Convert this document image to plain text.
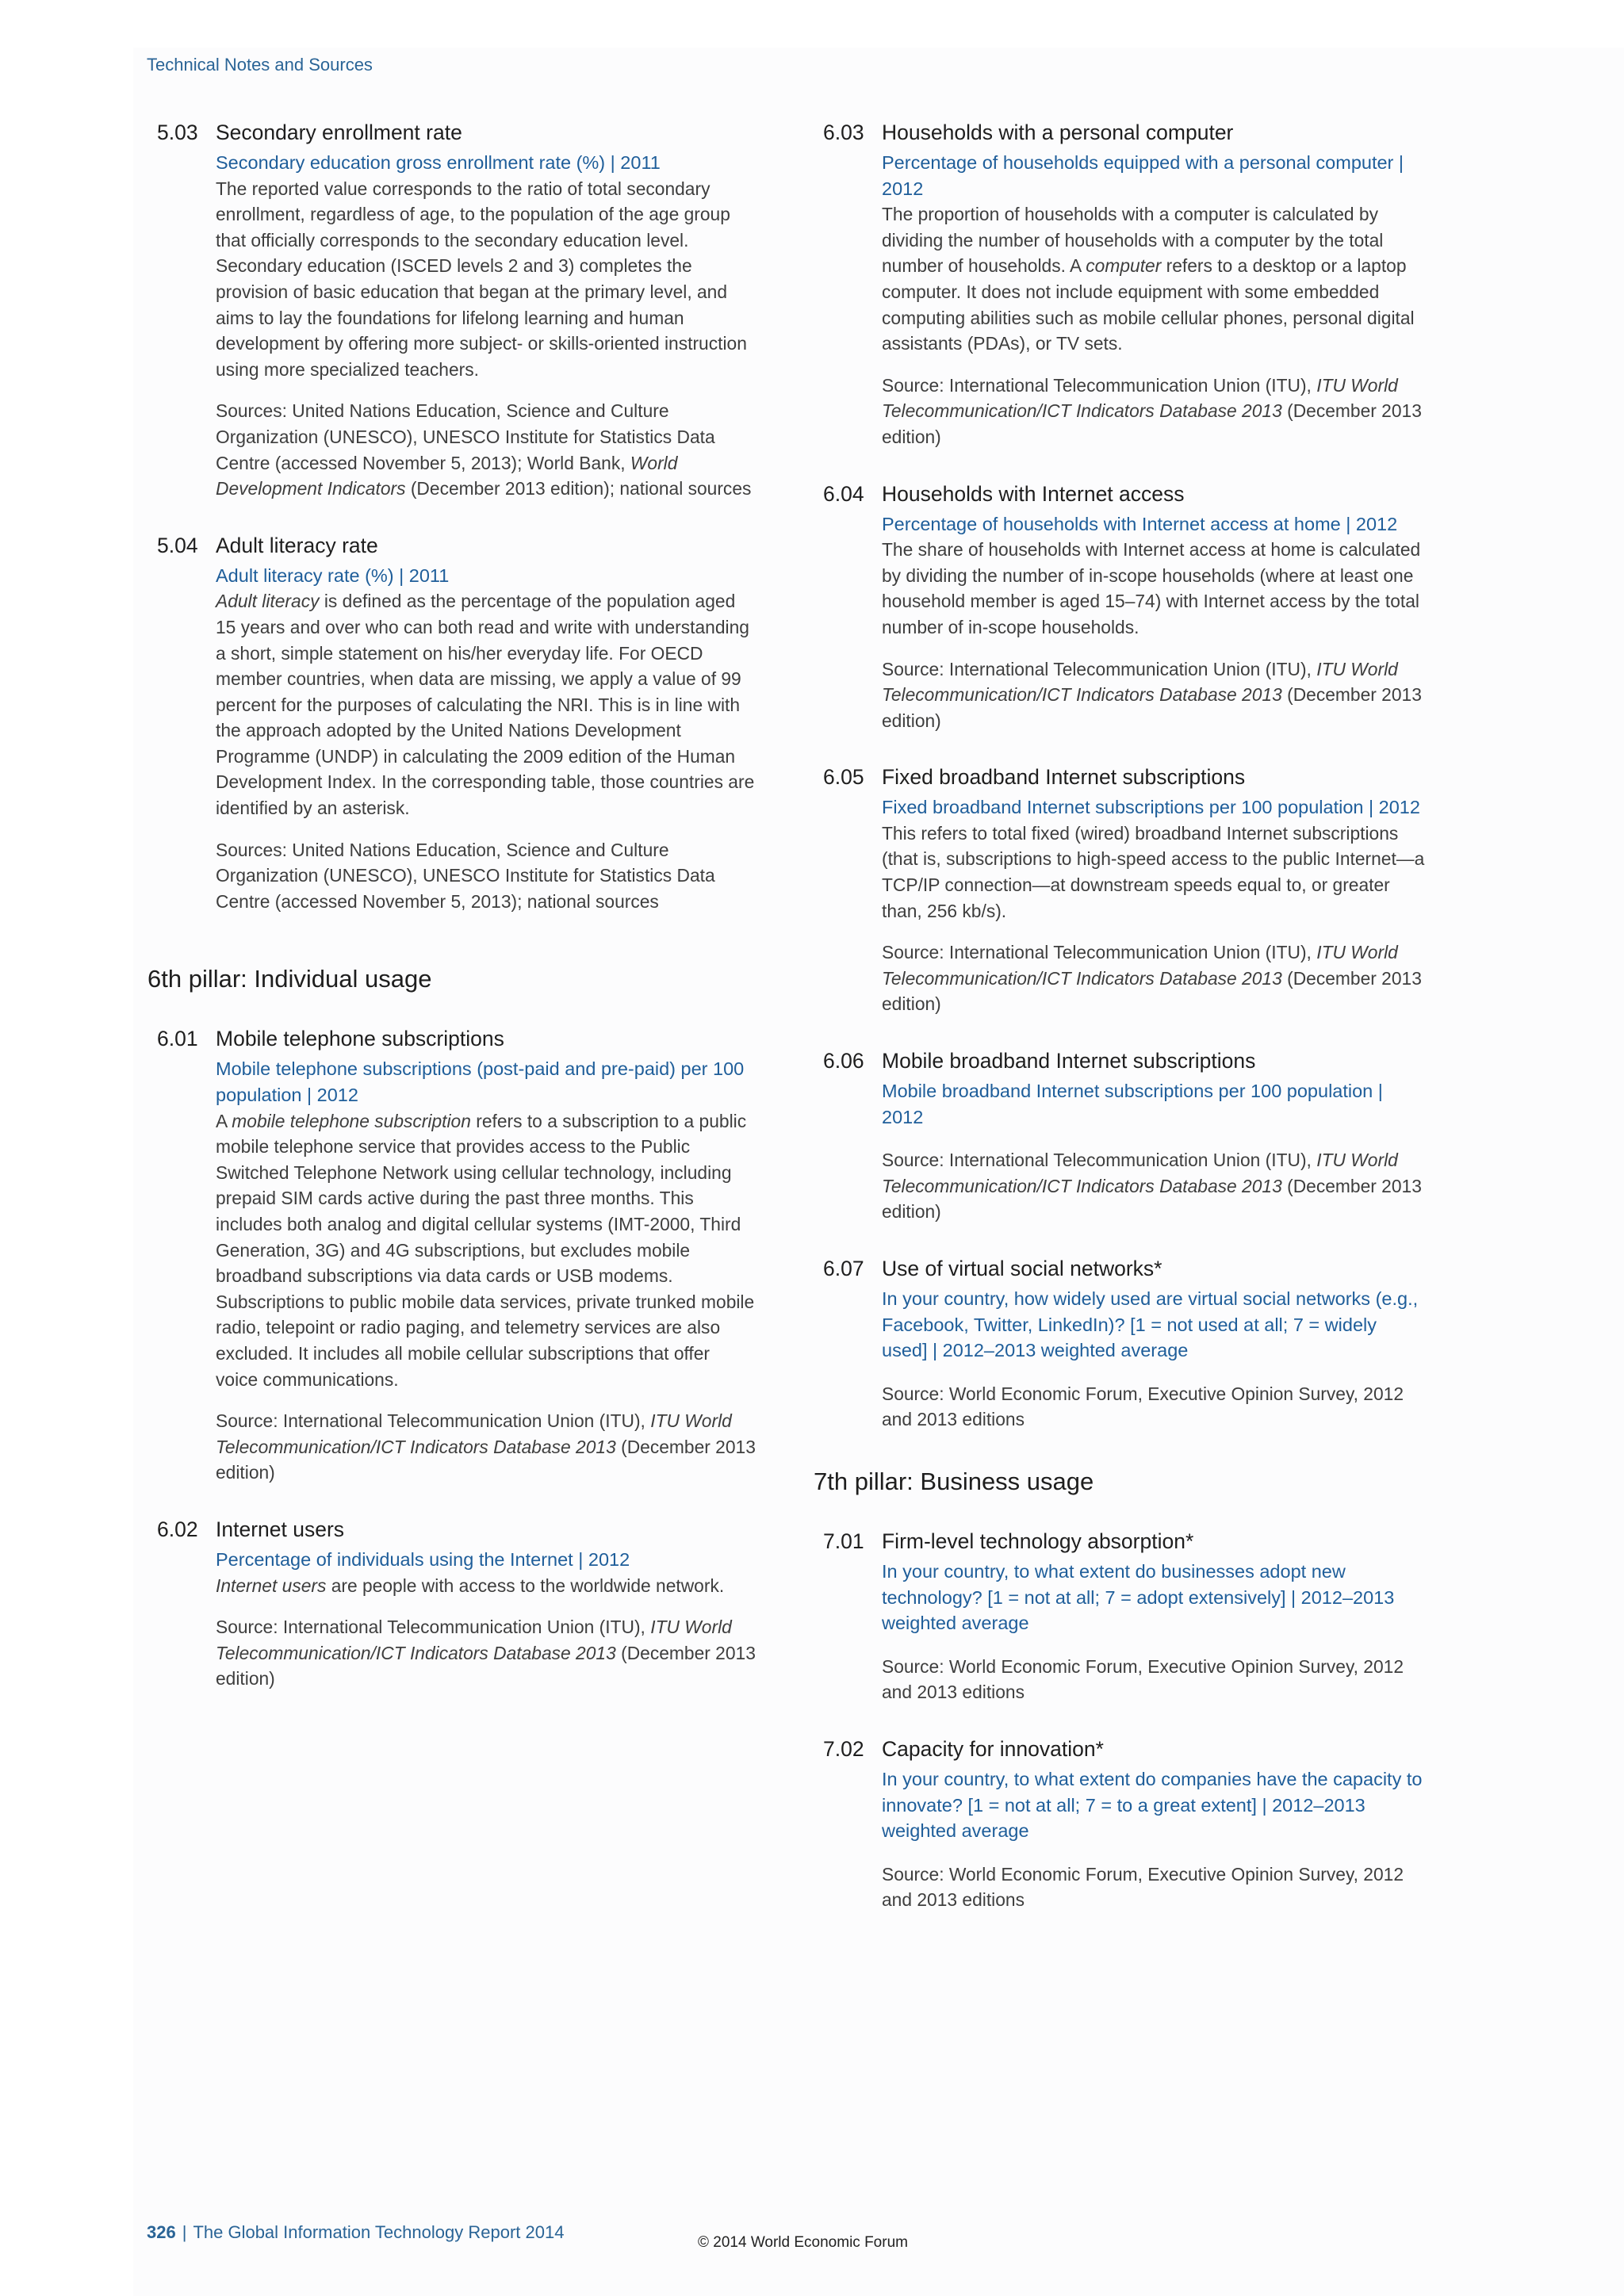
Technical Notes and Sources
5.03 Secondary enrollment rate
Secondary education gross enrollment rate (%) | 2011
The reported value corresponds to the ratio of total secondary enrollment, regardless of age, to the population of the age group that officially corresponds to the secondary education level. Secondary education (ISCED levels 2 and 3) completes the provision of basic education that began at the primary level, and aims to lay the foundations for lifelong learning and human development by offering more subject- or skills-oriented instruction using more specialized teachers.
Sources: United Nations Education, Science and Culture Organization (UNESCO), UNESCO Institute for Statistics Data Centre (accessed November 5, 2013); World Bank, World Development Indicators (December 2013 edition); national sources
5.04 Adult literacy rate
Adult literacy rate (%) | 2011
Adult literacy is defined as the percentage of the population aged 15 years and over who can both read and write with understanding a short, simple statement on his/her everyday life. For OECD member countries, when data are missing, we apply a value of 99 percent for the purposes of calculating the NRI. This is in line with the approach adopted by the United Nations Development Programme (UNDP) in calculating the 2009 edition of the Human Development Index. In the corresponding table, those countries are identified by an asterisk.
Sources: United Nations Education, Science and Culture Organization (UNESCO), UNESCO Institute for Statistics Data Centre (accessed November 5, 2013); national sources
6th pillar: Individual usage
6.01 Mobile telephone subscriptions
Mobile telephone subscriptions (post-paid and pre-paid) per 100 population | 2012
A mobile telephone subscription refers to a subscription to a public mobile telephone service that provides access to the Public Switched Telephone Network using cellular technology, including prepaid SIM cards active during the past three months. This includes both analog and digital cellular systems (IMT-2000, Third Generation, 3G) and 4G subscriptions, but excludes mobile broadband subscriptions via data cards or USB modems. Subscriptions to public mobile data services, private trunked mobile radio, telepoint or radio paging, and telemetry services are also excluded. It includes all mobile cellular subscriptions that offer voice communications.
Source: International Telecommunication Union (ITU), ITU World Telecommunication/ICT Indicators Database 2013 (December 2013 edition)
6.02 Internet users
Percentage of individuals using the Internet | 2012
Internet users are people with access to the worldwide network.
Source: International Telecommunication Union (ITU), ITU World Telecommunication/ICT Indicators Database 2013 (December 2013 edition)
6.03 Households with a personal computer
Percentage of households equipped with a personal computer | 2012
The proportion of households with a computer is calculated by dividing the number of households with a computer by the total number of households. A computer refers to a desktop or a laptop computer. It does not include equipment with some embedded computing abilities such as mobile cellular phones, personal digital assistants (PDAs), or TV sets.
Source: International Telecommunication Union (ITU), ITU World Telecommunication/ICT Indicators Database 2013 (December 2013 edition)
6.04 Households with Internet access
Percentage of households with Internet access at home | 2012
The share of households with Internet access at home is calculated by dividing the number of in-scope households (where at least one household member is aged 15–74) with Internet access by the total number of in-scope households.
Source: International Telecommunication Union (ITU), ITU World Telecommunication/ICT Indicators Database 2013 (December 2013 edition)
6.05 Fixed broadband Internet subscriptions
Fixed broadband Internet subscriptions per 100 population | 2012
This refers to total fixed (wired) broadband Internet subscriptions (that is, subscriptions to high-speed access to the public Internet—a TCP/IP connection—at downstream speeds equal to, or greater than, 256 kb/s).
Source: International Telecommunication Union (ITU), ITU World Telecommunication/ICT Indicators Database 2013 (December 2013 edition)
6.06 Mobile broadband Internet subscriptions
Mobile broadband Internet subscriptions per 100 population | 2012
Source: International Telecommunication Union (ITU), ITU World Telecommunication/ICT Indicators Database 2013 (December 2013 edition)
6.07 Use of virtual social networks*
In your country, how widely used are virtual social networks (e.g., Facebook, Twitter, LinkedIn)? [1 = not used at all; 7 = widely used] | 2012–2013 weighted average
Source: World Economic Forum, Executive Opinion Survey, 2012 and 2013 editions
7th pillar: Business usage
7.01 Firm-level technology absorption*
In your country, to what extent do businesses adopt new technology? [1 = not at all; 7 = adopt extensively] | 2012–2013 weighted average
Source: World Economic Forum, Executive Opinion Survey, 2012 and 2013 editions
7.02 Capacity for innovation*
In your country, to what extent do companies have the capacity to innovate? [1 = not at all; 7 = to a great extent] | 2012–2013 weighted average
Source: World Economic Forum, Executive Opinion Survey, 2012 and 2013 editions
326 | The Global Information Technology Report 2014
© 2014 World Economic Forum
